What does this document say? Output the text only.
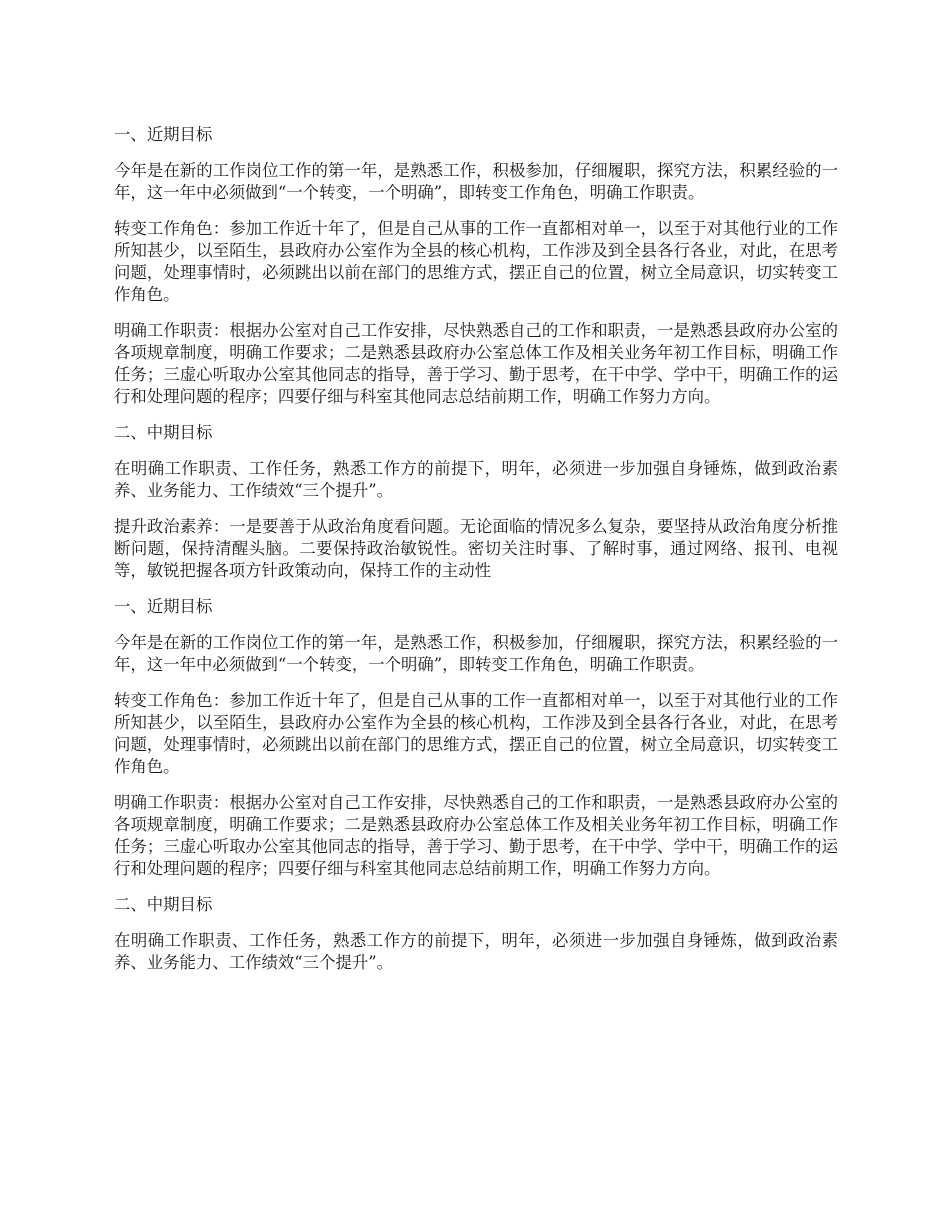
一、近期目标

今年是在新的工作岗位工作的第一年，是熟悉工作，积极参加，仔细履职，探究方法，积累经验的一年，这一年中必须做到“一个转变，一个明确”，即转变工作角色，明确工作职责。

转变工作角色：参加工作近十年了，但是自己从事的工作一直都相对单一，以至于对其他行业的工作所知甚少，以至陌生，县政府办公室作为全县的核心机构，工作涉及到全县各行各业，对此，在思考问题，处理事情时，必须跳出以前在部门的思维方式，摆正自己的位置，树立全局意识，切实转变工作角色。

明确工作职责：根据办公室对自己工作安排，尽快熟悉自己的工作和职责，一是熟悉县政府办公室的各项规章制度，明确工作要求；二是熟悉县政府办公室总体工作及相关业务年初工作目标，明确工作任务；三虚心听取办公室其他同志的指导，善于学习、勤于思考，在干中学、学中干，明确工作的运行和处理问题的程序；四要仔细与科室其他同志总结前期工作，明确工作努力方向。

二、中期目标

在明确工作职责、工作任务，熟悉工作方的前提下，明年，必须进一步加强自身锤炼，做到政治素养、业务能力、工作绩效“三个提升”。

提升政治素养：一是要善于从政治角度看问题。无论面临的情况多么复杂，要坚持从政治角度分析推断问题，保持清醒头脑。二要保持政治敏锐性。密切关注时事、了解时事，通过网络、报刊、电视等，敏锐把握各项方针政策动向，保持工作的主动性

一、近期目标

今年是在新的工作岗位工作的第一年，是熟悉工作，积极参加，仔细履职，探究方法，积累经验的一年，这一年中必须做到“一个转变，一个明确”，即转变工作角色，明确工作职责。

转变工作角色：参加工作近十年了，但是自己从事的工作一直都相对单一，以至于对其他行业的工作所知甚少，以至陌生，县政府办公室作为全县的核心机构，工作涉及到全县各行各业，对此，在思考问题，处理事情时，必须跳出以前在部门的思维方式，摆正自己的位置，树立全局意识，切实转变工作角色。

明确工作职责：根据办公室对自己工作安排，尽快熟悉自己的工作和职责，一是熟悉县政府办公室的各项规章制度，明确工作要求；二是熟悉县政府办公室总体工作及相关业务年初工作目标，明确工作任务；三虚心听取办公室其他同志的指导，善于学习、勤于思考，在干中学、学中干，明确工作的运行和处理问题的程序；四要仔细与科室其他同志总结前期工作，明确工作努力方向。

二、中期目标

在明确工作职责、工作任务，熟悉工作方的前提下，明年，必须进一步加强自身锤炼，做到政治素养、业务能力、工作绩效“三个提升”。
